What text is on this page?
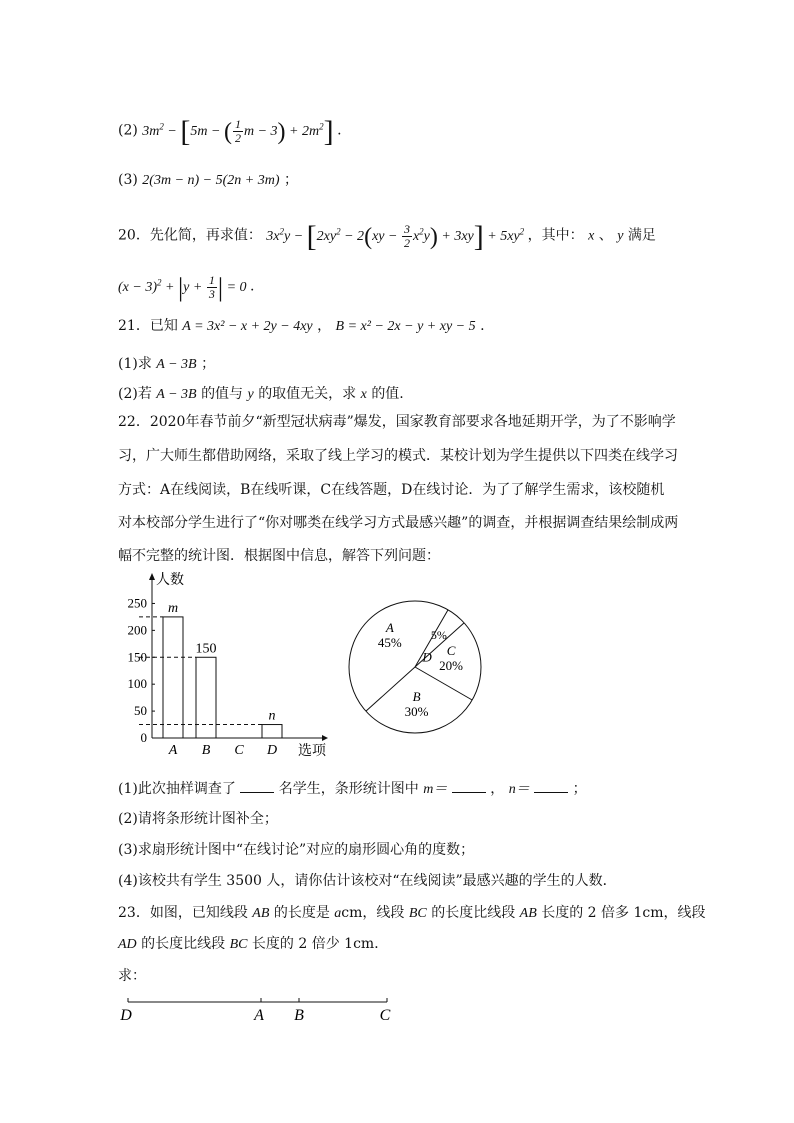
(2) $3m^2 - [5m$ − ( $\frac{1}{2}$ $m - 3) + 2m^2$] .
(3) 2(3m − n) − 5(2n + 3m) ；
20．先化简，再求值： $3x^2y - [2xy^2 - 2(xy - \frac{3}{2} x^2y) + 3xy] + 5xy^2$ ，其中： x 、 y 满足
$(x - 3)^2 + |y + \frac{1}{3}$ | = 0 .
21．已知 A = 3x² − x + 2y − 4xy ， B = x² − 2x − y + xy − 5 .
(1)求 A − 3B ；
(2)若 A − 3B 的值与 y 的取值无关，求 x 的值.
22．2020年春节前夕“新型冠状病毒”爆发，国家教育部要求各地延期开学，为了不影响学
习，广大师生都借助网络，采取了线上学习的模式．某校计划为学生提供以下四类在线学习
方式：A在线阅读，B在线听课，C在线答题，D在线讨论．为了了解学生需求，该校随机
对本校部分学生进行了“你对哪类在线学习方式最感兴趣”的调查，并根据调查结果绘制成两
幅不完整的统计图．根据图中信息，解答下列问题：
人数
选项
0
50
100
150
200
250 m
A
150
B C
n
D
A
45%
B
30%
C
20%
D
5%
(1)此次抽样调查了	名学生，条形统计图中 m＝	， n＝	；
(2)请将条形统计图补全；
(3)求扇形统计图中“在线讨论”对应的扇形圆心角的度数；
(4)该校共有学生 3500 人，请你估计该校对“在线阅读”最感兴趣的学生的人数．
23．如图，已知线段 AB 的长度是 acm，线段 BC 的长度比线段 AB 长度的 2 倍多 1cm，线段
AD 的长度比线段 BC 长度的 2 倍少 1cm．
求：
D	A B	C
